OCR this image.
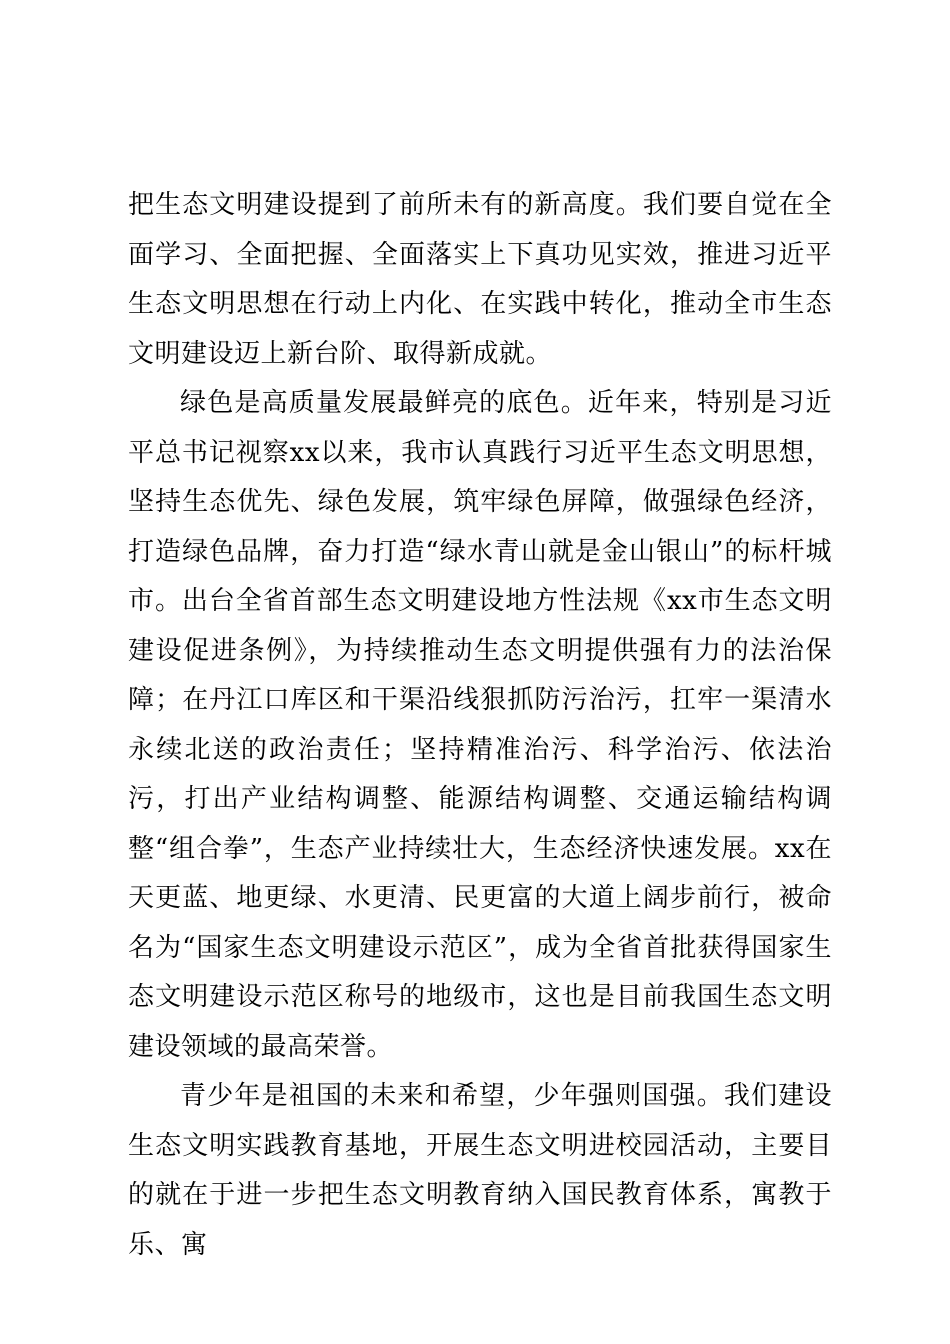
把生态文明建设提到了前所未有的新高度。我们要自觉在全面学习、全面把握、全面落实上下真功见实效，推进习近平生态文明思想在行动上内化、在实践中转化，推动全市生态文明建设迈上新台阶、取得新成就。

绿色是高质量发展最鲜亮的底色。近年来，特别是习近平总书记视察xx以来，我市认真践行习近平生态文明思想，坚持生态优先、绿色发展，筑牢绿色屏障，做强绿色经济，打造绿色品牌，奋力打造“绿水青山就是金山银山”的标杆城市。出台全省首部生态文明建设地方性法规《xx市生态文明建设促进条例》，为持续推动生态文明提供强有力的法治保障；在丹江口库区和干渠沿线狠抓防污治污，扛牢一渠清水永续北送的政治责任；坚持精准治污、科学治污、依法治污，打出产业结构调整、能源结构调整、交通运输结构调整“组合拳”，生态产业持续壮大，生态经济快速发展。xx在天更蓝、地更绿、水更清、民更富的大道上阔步前行，被命名为“国家生态文明建设示范区”，成为全省首批获得国家生态文明建设示范区称号的地级市，这也是目前我国生态文明建设领域的最高荣誉。

青少年是祖国的未来和希望，少年强则国强。我们建设生态文明实践教育基地，开展生态文明进校园活动，主要目的就在于进一步把生态文明教育纳入国民教育体系，寓教于乐、寓
